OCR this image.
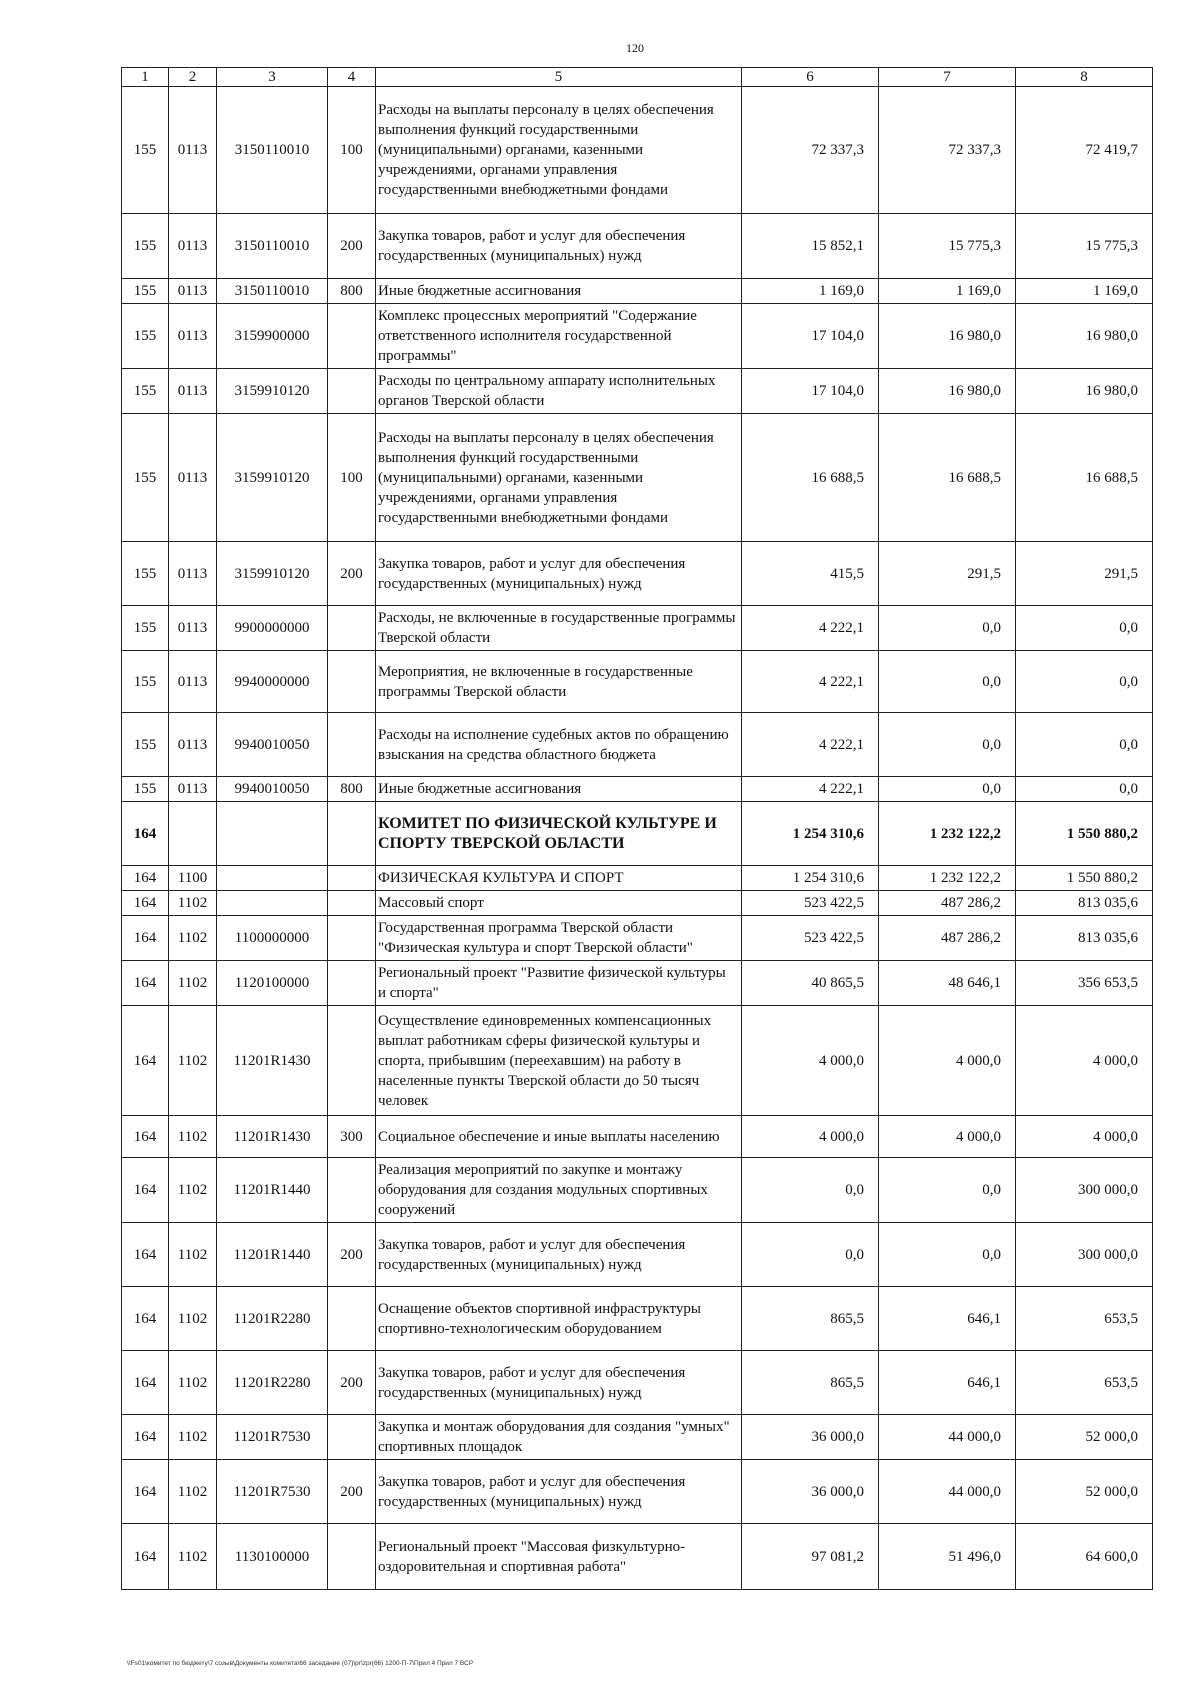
120
1	2	3	4	5	6	7	8
155	0113	3150110010	100	Расходы на выплаты персоналу в целях обеспечения выполнения функций государственными (муниципальными) органами, казенными учреждениями, органами управления государственными внебюджетными фондами	72 337,3	72 337,3	72 419,7
155	0113	3150110010	200	Закупка товаров, работ и услуг для обеспечения государственных (муниципальных) нужд	15 852,1	15 775,3	15 775,3
155	0113	3150110010	800	Иные бюджетные ассигнования	1 169,0	1 169,0	1 169,0
155	0113	3159900000		Комплекс процессных мероприятий "Содержание ответственного исполнителя государственной программы"	17 104,0	16 980,0	16 980,0
155	0113	3159910120		Расходы по центральному аппарату исполнительных органов Тверской области	17 104,0	16 980,0	16 980,0
155	0113	3159910120	100	Расходы на выплаты персоналу в целях обеспечения выполнения функций государственными (муниципальными) органами, казенными учреждениями, органами управления государственными внебюджетными фондами	16 688,5	16 688,5	16 688,5
155	0113	3159910120	200	Закупка товаров, работ и услуг для обеспечения государственных (муниципальных) нужд	415,5	291,5	291,5
155	0113	9900000000		Расходы, не включенные в государственные программы Тверской области	4 222,1	0,0	0,0
155	0113	9940000000		Мероприятия, не включенные в государственные программы Тверской области	4 222,1	0,0	0,0
155	0113	9940010050		Расходы на исполнение судебных актов по обращению взыскания на средства областного бюджета	4 222,1	0,0	0,0
155	0113	9940010050	800	Иные бюджетные ассигнования	4 222,1	0,0	0,0
164				КОМИТЕТ ПО ФИЗИЧЕСКОЙ КУЛЬТУРЕ И СПОРТУ ТВЕРСКОЙ ОБЛАСТИ	1 254 310,6	1 232 122,2	1 550 880,2
164	1100			ФИЗИЧЕСКАЯ КУЛЬТУРА И СПОРТ	1 254 310,6	1 232 122,2	1 550 880,2
164	1102			Массовый спорт	523 422,5	487 286,2	813 035,6
164	1102	1100000000		Государственная программа Тверской области "Физическая культура и спорт Тверской области"	523 422,5	487 286,2	813 035,6
164	1102	1120100000		Региональный проект "Развитие физической культуры и спорта"	40 865,5	48 646,1	356 653,5
164	1102	11201R1430		Осуществление единовременных компенсационных выплат работникам сферы физической культуры и спорта, прибывшим (переехавшим) на работу в населенные пункты Тверской области до 50 тысяч человек	4 000,0	4 000,0	4 000,0
164	1102	11201R1430	300	Социальное обеспечение и иные выплаты населению	4 000,0	4 000,0	4 000,0
164	1102	11201R1440		Реализация мероприятий по закупке и монтажу оборудования для создания модульных спортивных сооружений	0,0	0,0	300 000,0
164	1102	11201R1440	200	Закупка товаров, работ и услуг для обеспечения государственных (муниципальных) нужд	0,0	0,0	300 000,0
164	1102	11201R2280		Оснащение объектов спортивной инфраструктуры спортивно-технологическим оборудованием	865,5	646,1	653,5
164	1102	11201R2280	200	Закупка товаров, работ и услуг для обеспечения государственных (муниципальных) нужд	865,5	646,1	653,5
164	1102	11201R7530		Закупка и монтаж оборудования для создания "умных" спортивных площадок	36 000,0	44 000,0	52 000,0
164	1102	11201R7530	200	Закупка товаров, работ и услуг для обеспечения государственных (муниципальных) нужд	36 000,0	44 000,0	52 000,0
164	1102	1130100000		Региональный проект "Массовая физкультурно-оздоровительная и спортивная работа"	97 081,2	51 496,0	64 600,0
\\Fs01\комитет по бюджету\7 созыв\Документы комитета\66 заседание (07)\pr\zpr(66) 1200-П-7\Прил 4 Прил 7 ВСР
